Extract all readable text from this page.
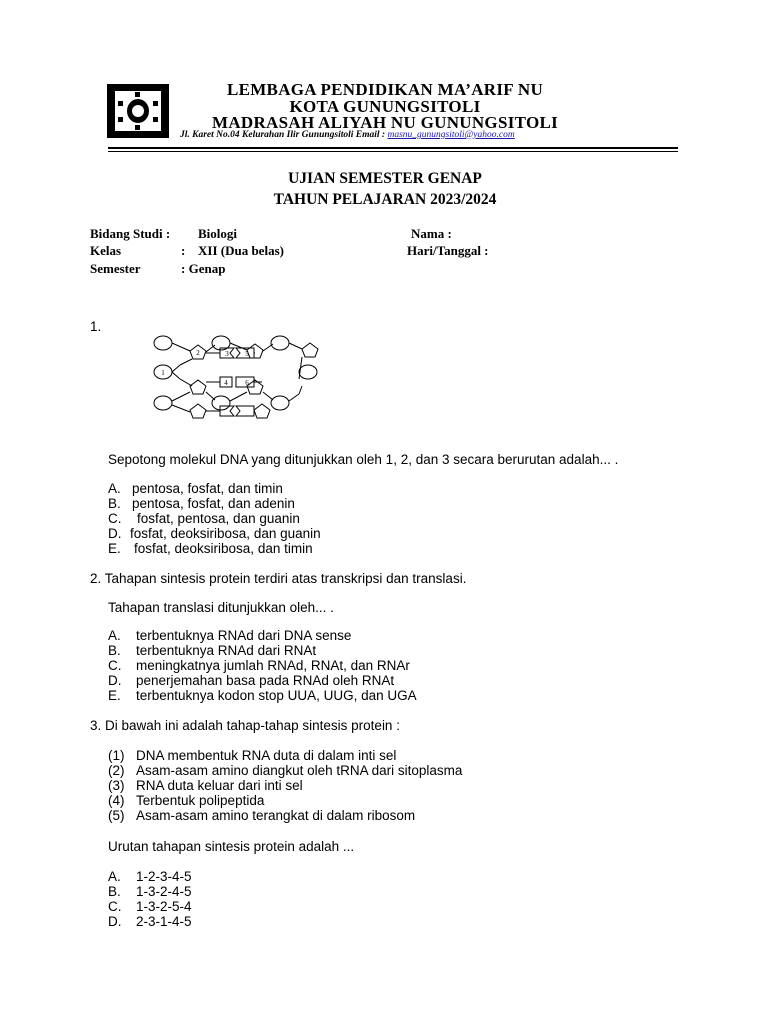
LEMBAGA PENDIDIKAN MA’ARIF NU
KOTA GUNUNGSITOLI
MADRASAH ALIYAH NU GUNUNGSITOLI
Jl. Karet No.04 Kelurahan Ilir Gunungsitoli Email : masnu_gunungsitoli@yahoo.com
UJIAN SEMESTER GENAP
TAHUN PELAJARAN 2023/2024
Bidang Studi : Biologi
Kelas	: XII (Dua belas)
Semester	: Genap
Nama :
Hari/Tanggal :
1.
1
2	3
4
5
6
Sepotong molekul DNA yang ditunjukkan oleh 1, 2, dan 3 secara berurutan adalah... .
A. pentosa, fosfat, dan timin
B. pentosa, fosfat, dan adenin
C. fosfat, pentosa, dan guanin
D. fosfat, deoksiribosa, dan guanin
E. fosfat, deoksiribosa, dan timin
2. Tahapan sintesis protein terdiri atas transkripsi dan translasi.
Tahapan translasi ditunjukkan oleh... .
A. terbentuknya RNAd dari DNA sense
B. terbentuknya RNAd dari RNAt
C. meningkatnya jumlah RNAd, RNAt, dan RNAr
D. penerjemahan basa pada RNAd oleh RNAt
E. terbentuknya kodon stop UUA, UUG, dan UGA
3. Di bawah ini adalah tahap-tahap sintesis protein :
(1) DNA membentuk RNA duta di dalam inti sel
(2) Asam-asam amino diangkut oleh tRNA dari sitoplasma
(3) RNA duta keluar dari inti sel
(4) Terbentuk polipeptida
(5) Asam-asam amino terangkat di dalam ribosom
Urutan tahapan sintesis protein adalah ...
A. 1-2-3-4-5
B. 1-3-2-4-5
C. 1-3-2-5-4
D. 2-3-1-4-5
